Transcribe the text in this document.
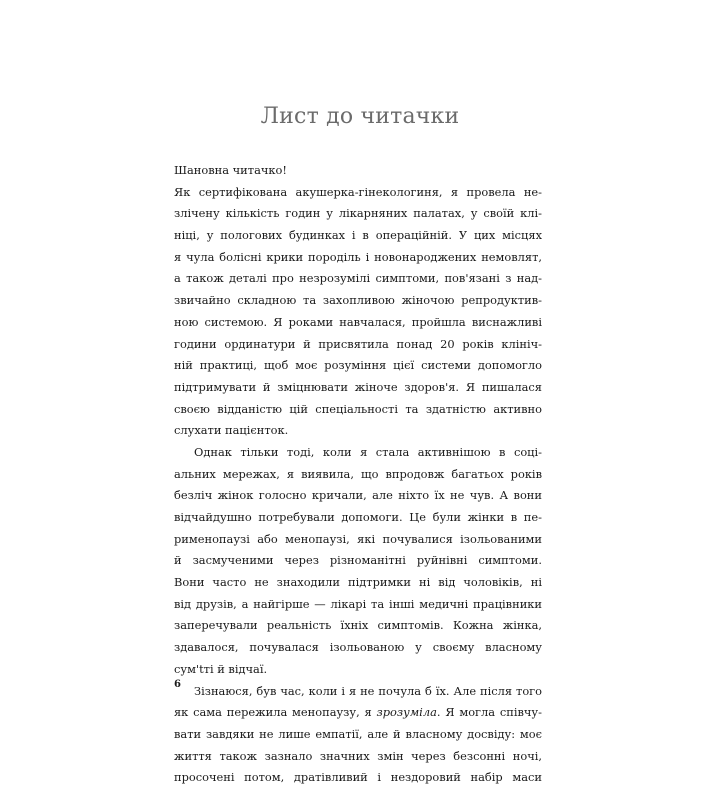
Лист до читачки
Шановна читачко!
Як сертифікована акушерка-гінекологиня, я провела не-
злічену кількість годин у лікарняних палатах, у своїй клі-
ніці, у пологових будинках і в операційній. У цих місцях
я чула болісні крики породіль і новонароджених немовлят,
а також деталі про незрозумілі симптоми, пов'язані з над-
звичайно складною та захопливою жіночою репродуктив-
ною системою. Я роками навчалася, пройшла виснажливі
години ординатури й присвятила понад 20 років клініч-
ній практиці, щоб моє розуміння цієї системи допомогло
підтримувати й зміцнювати жіноче здоров'я. Я пишалася
своєю відданістю цій спеціальності та здатністю активно
слухати пацієнток.
Однак тільки тоді, коли я стала активнішою в соці-
альних мережах, я виявила, що впродовж багатьох років
безліч жінок голосно кричали, але ніхто їх не чув. А вони
відчайдушно потребували допомоги. Це були жінки в пе-
рименопаузі або менопаузі, які почувалися ізольованими
й засмученими через різноманітні руйнівні симптоми.
Вони часто не знаходили підтримки ні від чоловіків, ні
від друзів, а найгірше — лікарі та інші медичні працівники
заперечували реальність їхніх симптомів. Кожна жінка,
здавалося, почувалася ізольованою у своєму власному
сум'tті й відчаї.
Зізнаюся, був час, коли і я не почула б їх. Але після того
як сама пережила менопаузу, я зрозуміла. Я могла співчу-
вати завдяки не лише емпатії, але й власному досвіду: моє
життя також зазнало значних змін через безсонні ночі,
просочені потом, дратівливий і нездоровий набір маси
6
